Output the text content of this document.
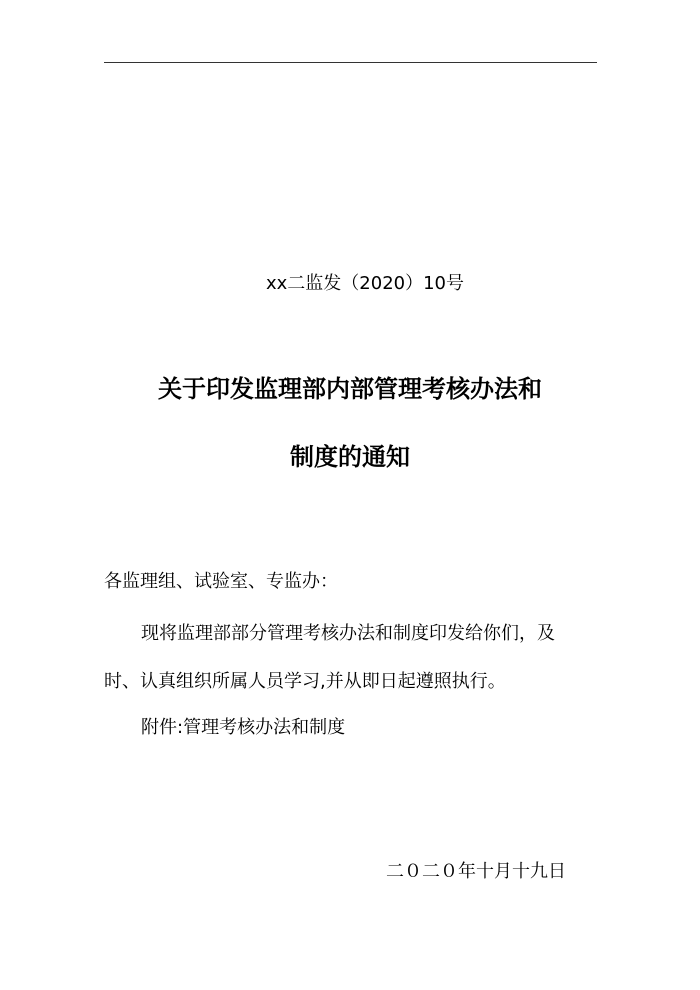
xx二监发（2020）10号
关于印发监理部内部管理考核办法和
制度的通知
各监理组、试验室、专监办：
现将监理部部分管理考核办法和制度印发给你们，及
时、认真组织所属人员学习,并从即日起遵照执行。
附件:管理考核办法和制度
二０二０年十月十九日
